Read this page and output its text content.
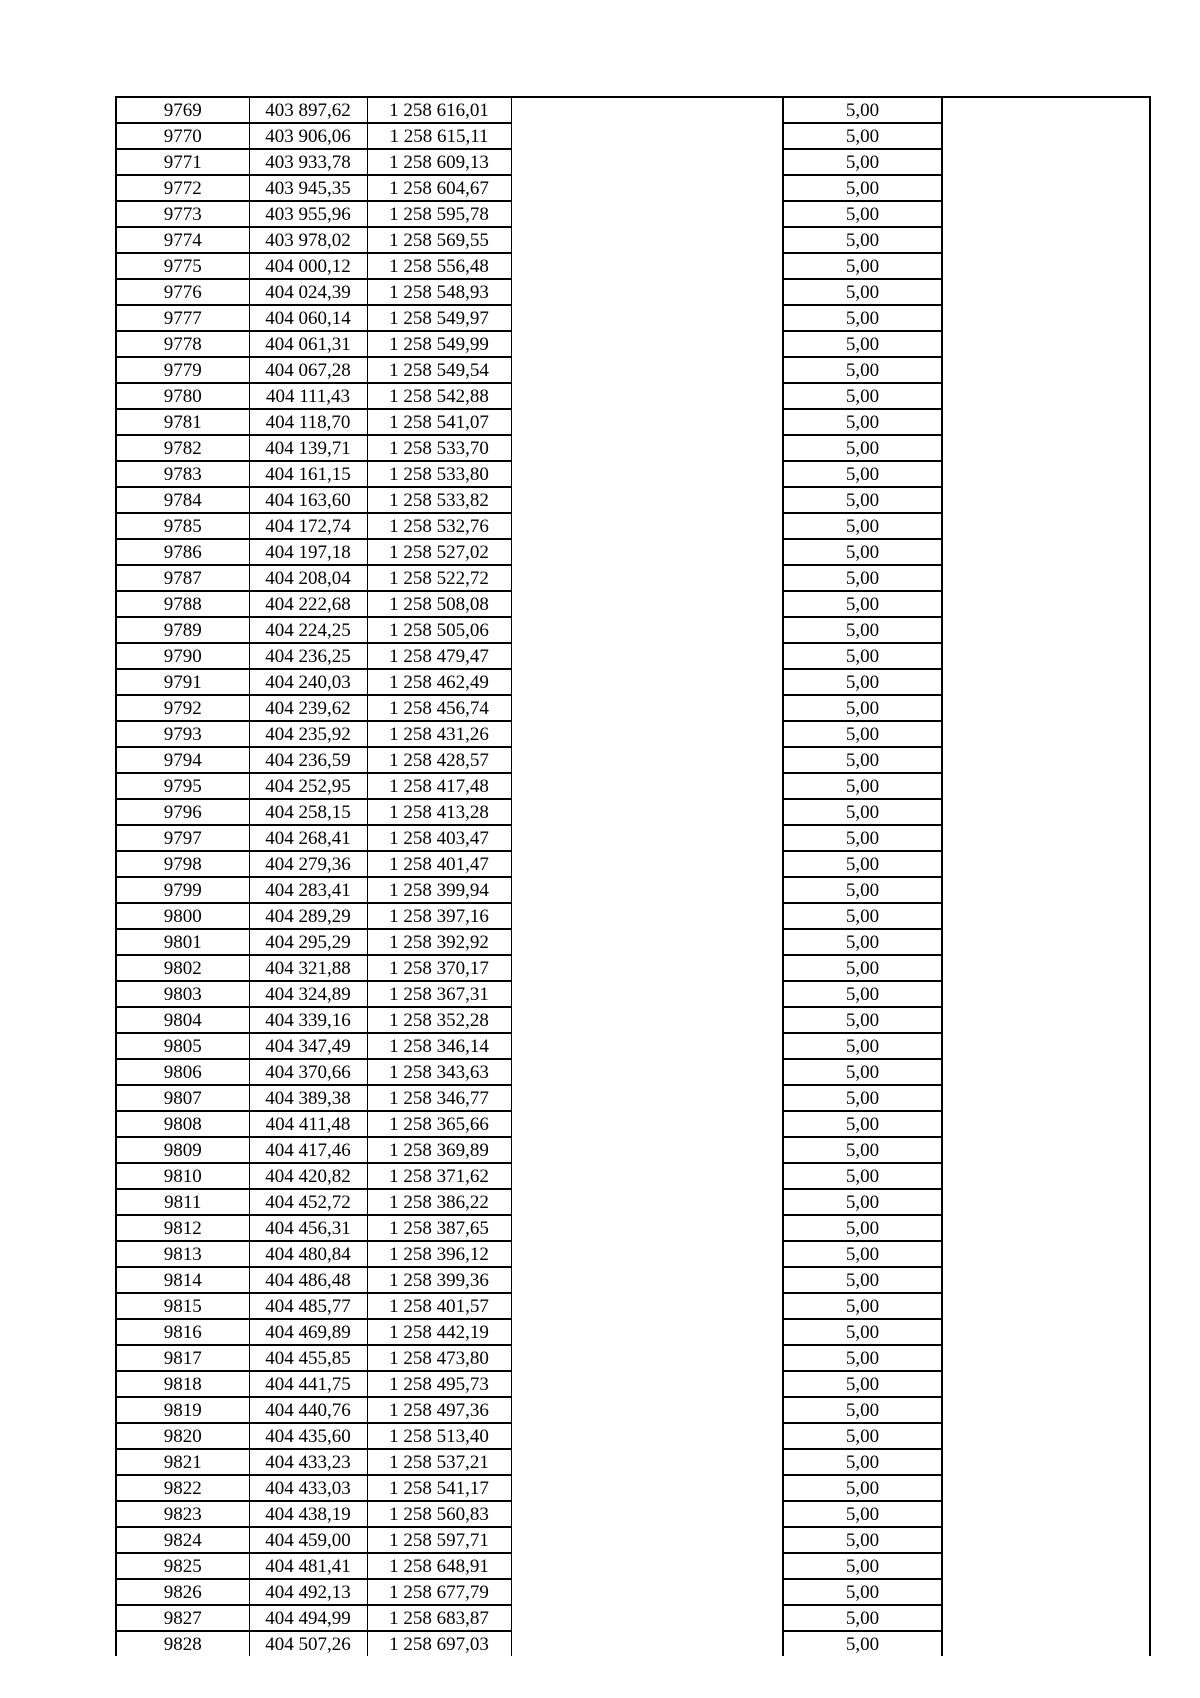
9769	403 897,62	1 258 616,01		5,00	
9770	403 906,06	1 258 615,11		5,00	
9771	403 933,78	1 258 609,13		5,00	
9772	403 945,35	1 258 604,67		5,00	
9773	403 955,96	1 258 595,78		5,00	
9774	403 978,02	1 258 569,55		5,00	
9775	404 000,12	1 258 556,48		5,00	
9776	404 024,39	1 258 548,93		5,00	
9777	404 060,14	1 258 549,97		5,00	
9778	404 061,31	1 258 549,99		5,00	
9779	404 067,28	1 258 549,54		5,00	
9780	404 111,43	1 258 542,88		5,00	
9781	404 118,70	1 258 541,07		5,00	
9782	404 139,71	1 258 533,70		5,00	
9783	404 161,15	1 258 533,80		5,00	
9784	404 163,60	1 258 533,82		5,00	
9785	404 172,74	1 258 532,76		5,00	
9786	404 197,18	1 258 527,02		5,00	
9787	404 208,04	1 258 522,72		5,00	
9788	404 222,68	1 258 508,08		5,00	
9789	404 224,25	1 258 505,06		5,00	
9790	404 236,25	1 258 479,47		5,00	
9791	404 240,03	1 258 462,49		5,00	
9792	404 239,62	1 258 456,74		5,00	
9793	404 235,92	1 258 431,26		5,00	
9794	404 236,59	1 258 428,57		5,00	
9795	404 252,95	1 258 417,48		5,00	
9796	404 258,15	1 258 413,28		5,00	
9797	404 268,41	1 258 403,47		5,00	
9798	404 279,36	1 258 401,47		5,00	
9799	404 283,41	1 258 399,94		5,00	
9800	404 289,29	1 258 397,16		5,00	
9801	404 295,29	1 258 392,92		5,00	
9802	404 321,88	1 258 370,17		5,00	
9803	404 324,89	1 258 367,31		5,00	
9804	404 339,16	1 258 352,28		5,00	
9805	404 347,49	1 258 346,14		5,00	
9806	404 370,66	1 258 343,63		5,00	
9807	404 389,38	1 258 346,77		5,00	
9808	404 411,48	1 258 365,66		5,00	
9809	404 417,46	1 258 369,89		5,00	
9810	404 420,82	1 258 371,62		5,00	
9811	404 452,72	1 258 386,22		5,00	
9812	404 456,31	1 258 387,65		5,00	
9813	404 480,84	1 258 396,12		5,00	
9814	404 486,48	1 258 399,36		5,00	
9815	404 485,77	1 258 401,57		5,00	
9816	404 469,89	1 258 442,19		5,00	
9817	404 455,85	1 258 473,80		5,00	
9818	404 441,75	1 258 495,73		5,00	
9819	404 440,76	1 258 497,36		5,00	
9820	404 435,60	1 258 513,40		5,00	
9821	404 433,23	1 258 537,21		5,00	
9822	404 433,03	1 258 541,17		5,00	
9823	404 438,19	1 258 560,83		5,00	
9824	404 459,00	1 258 597,71		5,00	
9825	404 481,41	1 258 648,91		5,00	
9826	404 492,13	1 258 677,79		5,00	
9827	404 494,99	1 258 683,87		5,00	
9828	404 507,26	1 258 697,03		5,00	
